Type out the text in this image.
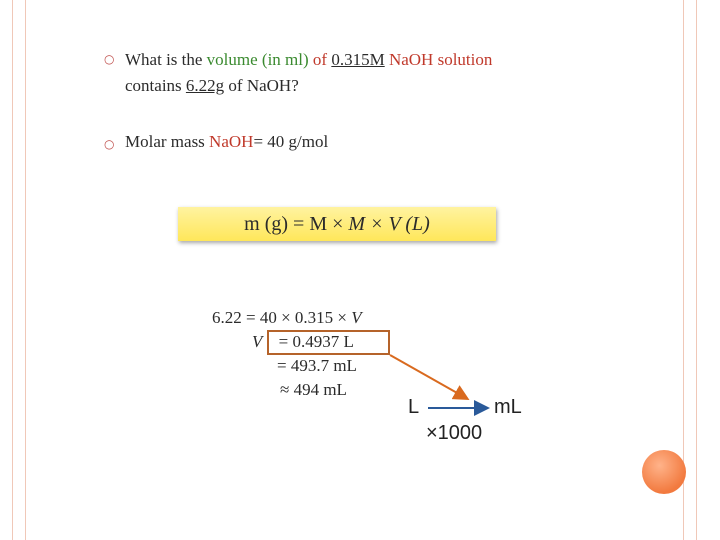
○ What is the volume (in ml) of 0.315M NaOH solution
contains 6.22g of NaOH?
○ Molar mass NaOH= 40 g/mol
m (g) = M × M × V (L)
6.22 = 40 × 0.315 × V
V = 0.4937 L
= 493.7 mL
≈ 494 mL
L	mL
×1000
